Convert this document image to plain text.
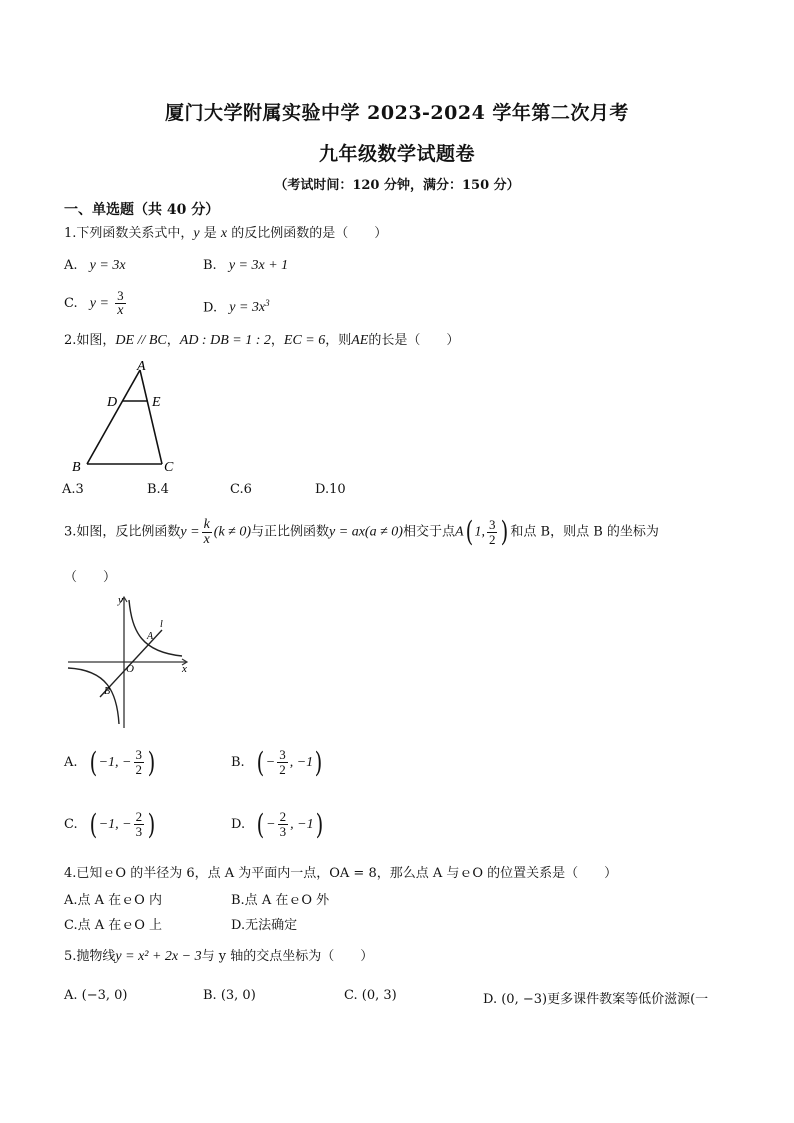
厦门大学附属实验中学 2023-2024 学年第二次月考
九年级数学试题卷
（考试时间：120 分钟，满分：150 分）
一、单选题（共 40 分）
1.下列函数关系式中，y 是 x 的反比例函数的是（　　）
A. y = 3x	B. y = 3x + 1
C. $y = \frac{3}{x}$	D. $y = 3x^3$
2.如图，DE // BC，AD : DB = 1 : 2，EC = 6，则AE的长是（　　）
A
D E
B	C
A.3	B.4	C.6	D.10
3.如图，反比例函数$y = \frac{k}{x} (k \ne 0)$与正比例函数y = ax(a ≠ 0)相交于点A( 1, $\frac{3}{2}$ ) 和点 B，则点 B 的坐标为
（　　）
y
x
O
A
B
l
A. ( −1, − $\frac{3}{2}$ )	B. ( − $\frac{3}{2}$ , −1)
C. ( −1, − $\frac{2}{3}$ )	D. ( − $\frac{2}{3}$ , −1)
4.已知ｅO 的半径为 6，点 A 为平面内一点，OA = 8，那么点 A 与ｅO 的位置关系是（　　）
A.点 A 在ｅO 内	B.点 A 在ｅO 外
C.点 A 在ｅO 上	D.无法确定
5.抛物线y = x² + 2x − 3与 y 轴的交点坐标为（　　）
A. (−3, 0)	B. (3, 0)	C. (0, 3)	D. (0, −3)更多课件教案等低价滋源(一
